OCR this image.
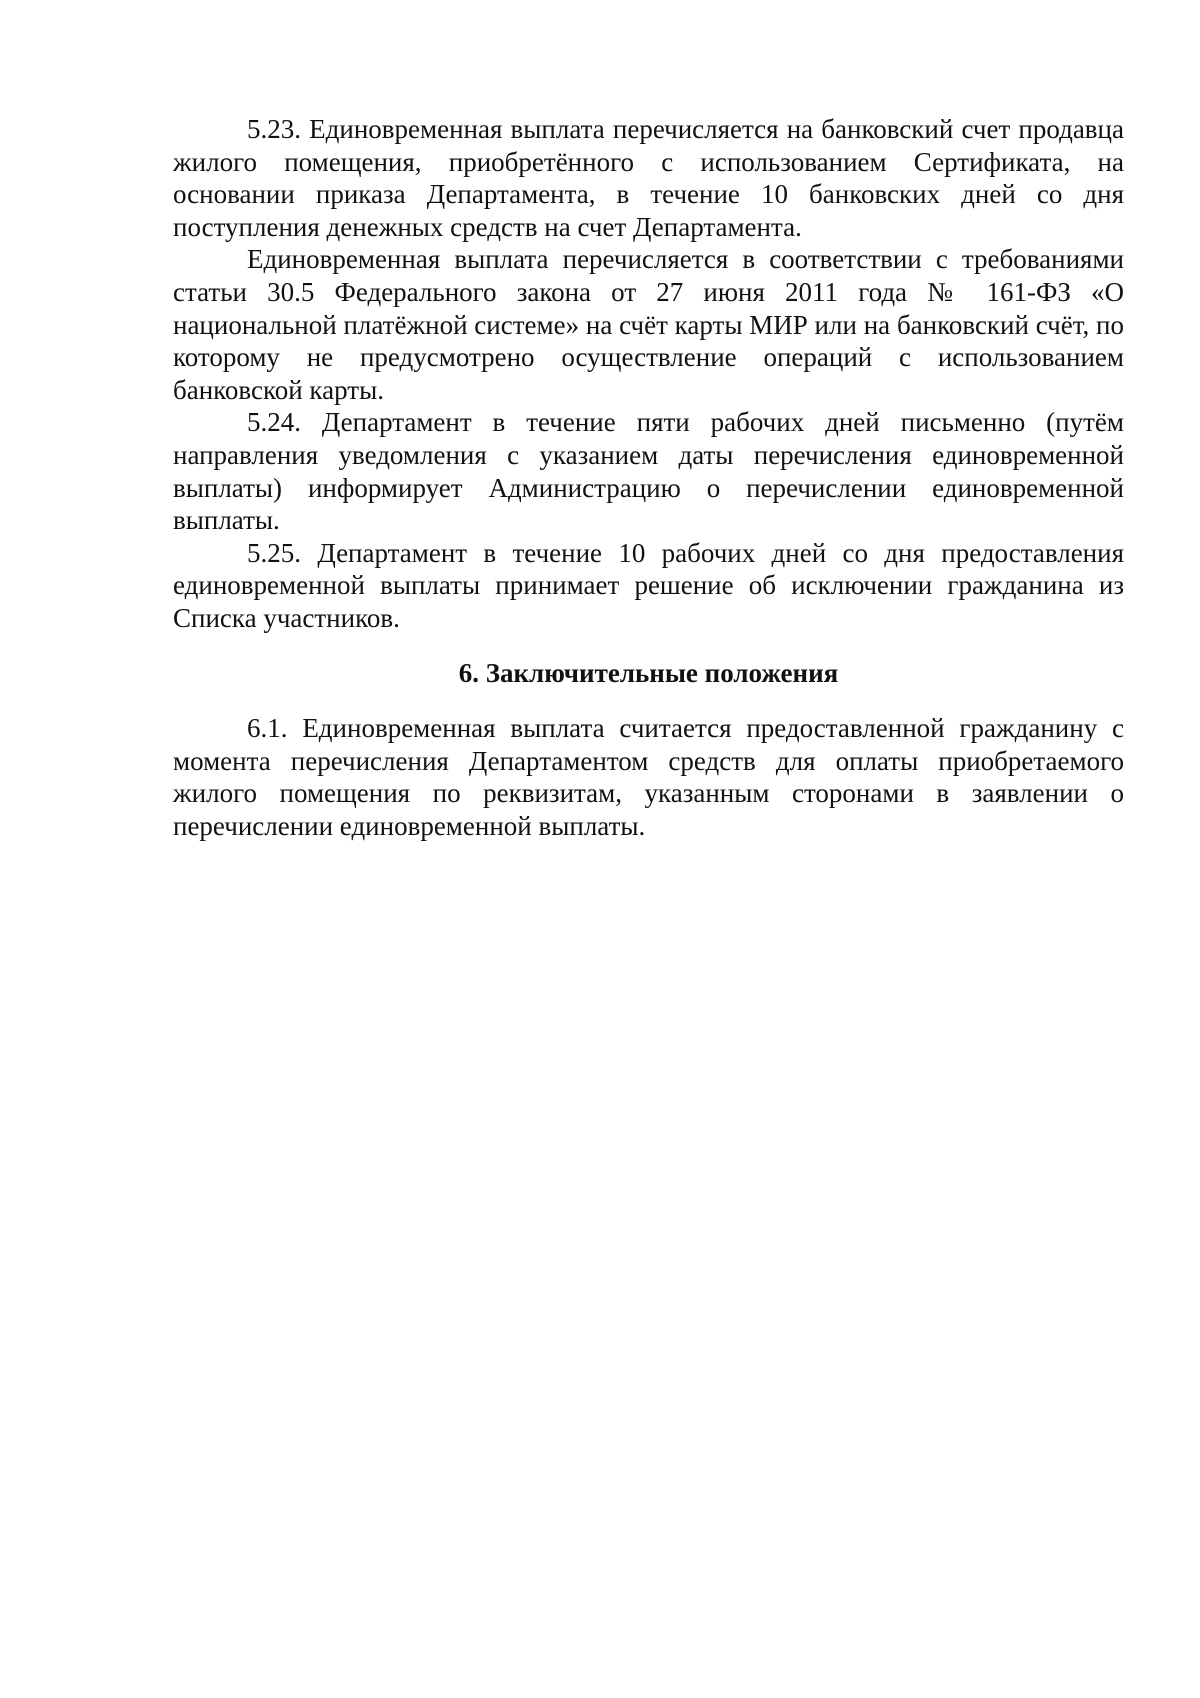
5.23. Единовременная выплата перечисляется на банковский счет продавца жилого помещения, приобретённого с использованием Сертификата, на основании приказа Департамента, в течение 10 банковских дней со дня поступления денежных средств на счет Департамента.

Единовременная выплата перечисляется в соответствии с требованиями статьи 30.5 Федерального закона от 27 июня 2011 года № 161-ФЗ «О национальной платёжной системе» на счёт карты МИР или на банковский счёт, по которому не предусмотрено осуществление операций с использованием банковской карты.

5.24. Департамент в течение пяти рабочих дней письменно (путём направления уведомления с указанием даты перечисления единовременной выплаты) информирует Администрацию о перечислении единовременной выплаты.

5.25. Департамент в течение 10 рабочих дней со дня предоставления единовременной выплаты принимает решение об исключении гражданина из Списка участников.

6. Заключительные положения

6.1. Единовременная выплата считается предоставленной гражданину с момента перечисления Департаментом средств для оплаты приобретаемого жилого помещения по реквизитам, указанным сторонами в заявлении о перечислении единовременной выплаты.
